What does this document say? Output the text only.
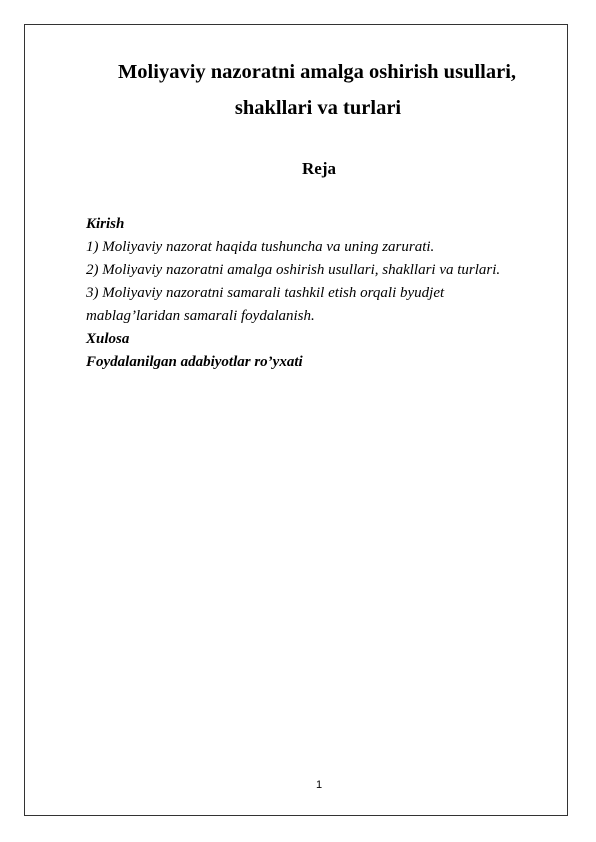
Moliyaviy nazoratni amalga oshirish usullari,
shakllari va turlari
Reja
Kirish
1) Moliyaviy nazorat haqida tushuncha va uning zarurati.
2) Moliyaviy nazoratni amalga oshirish usullari, shakllari va turlari.
3) Moliyaviy nazoratni samarali tashkil etish orqali byudjet
mablag’laridan samarali foydalanish.
Xulosa
Foydalanilgan adabiyotlar ro’yxati
1
